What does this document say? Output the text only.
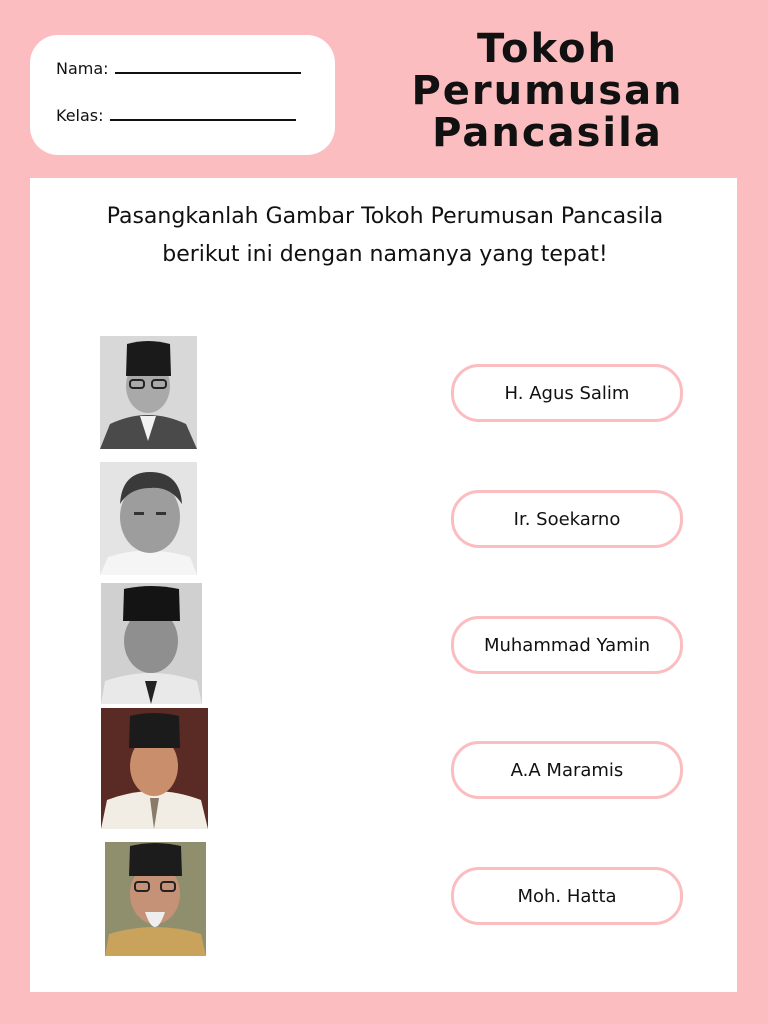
Nama:
Kelas:
Tokoh
Perumusan
Pancasila
Pasangkanlah Gambar Tokoh Perumusan Pancasila berikut ini dengan namanya yang tepat!
H. Agus Salim
Ir. Soekarno
Muhammad Yamin
A.A Maramis
Moh. Hatta
